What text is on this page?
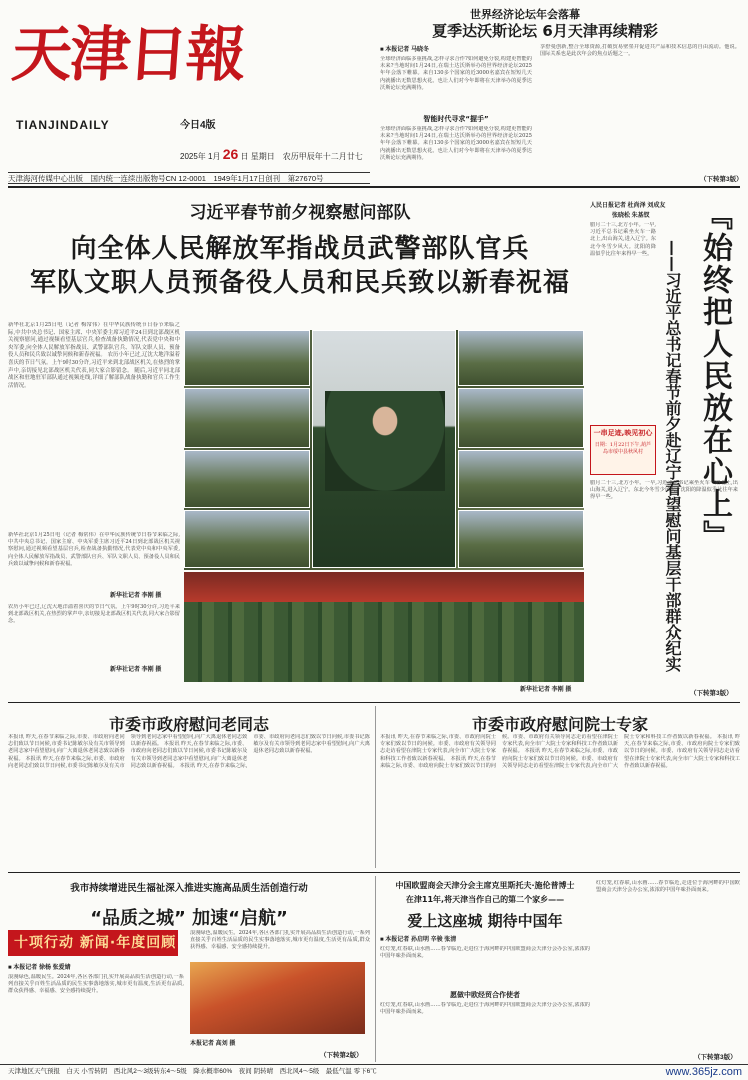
天津日報
TIANJINDAILY	今日4版
2025年 1月 26 日 星期日　农历甲辰年十二月廿七
天津海河传媒中心出版　国内统一连续出版物号CN 12-0001　1949年1月17日创刊　第27670号
世界经济论坛年会落幕
夏季达沃斯论坛 6月天津再续精彩
■ 本报记者 马晓冬
全球经济面临多重挑战,怎样寻求合作?如何避免分裂,构建更智能的未来?当地时间1月24日,在瑞士达沃斯举办的世界经济论坛2025年年会落下帷幕。来自130多个国家的近3000名嘉宾在短短几天内就播出无数思想火花。也让人们对今年即将在天津举办的夏季达沃斯论坛充满期待。
智能时代寻求“握手”
全球经济面临多重挑战,怎样寻求合作?如何避免分裂,构建更智能的未来?当地时间1月24日,在瑞士达沃斯举办的世界经济论坛2025年年会落下帷幕。来自130多个国家的近3000名嘉宾在短短几天内就播出无数思想火花。也让人们对今年即将在天津举办的夏季达沃斯论坛充满期待。
享舒曼创新,整合全球资源,打破贸易壁垒并促进共产品和技术信息的自由流动。他说。国际关系也是此次年会的焦点话题之一。
（下转第3版）
习近平春节前夕视察慰问部队
向全体人民解放军指战员武警部队官兵
军队文职人员预备役人员和民兵致以新春祝福
新华社北京1月25日电（记者 梅常伟）在中华民族传统节日春节来临之际,中共中央总书记、国家主席、中央军委主席习近平24日到北部战区机关视察慰问,通过视频看望基层官兵,检查战备执勤情况,代表党中央和中央军委,向全体人民解放军指战员、武警部队官兵、军队文职人员、预备役人员和民兵致以诚挚问候和新春祝福。 农历小年已过,辽沈大地洋溢着喜庆的节日气氛。上午9时30分许,习近平来到北部战区机关,在热烈的掌声中,亲切接见北部战区机关代表,同大家合影留念。 随后,习近平同北部战区和驻地驻军部队通过视频连线,详细了解部队战备执勤和官兵工作生活情况。
新华社北京1月25日电（记者 梅常伟）在中华民族传统节日春节来临之际,中共中央总书记、国家主席、中央军委主席习近平24日到北部战区机关视察慰问,通过视频看望基层官兵,检查战备执勤情况,代表党中央和中央军委,向全体人民解放军指战员、武警部队官兵、军队文职人员、预备役人员和民兵致以诚挚问候和新春祝福。
新华社记者 李刚 摄
农历小年已过,辽沈大地洋溢着喜庆的节日气氛。上午9时30分许,习近平来到北部战区机关,在热烈的掌声中,亲切接见北部战区机关代表,同大家合影留念。
新华社记者 李刚 摄
新华社记者 李刚 摄
人民日报记者 杜尚泽 刘成友
张晓松 朱基钗	『始终把人民放在心上』
——习近平总书记春节前夕赴辽宁看望慰问基层干部群众纪实
腊月二十三,北方小年。一早,习近平总书记乘坐火车一路北上,出山海关,进入辽宁。东北今冬雪少风大。沈阳的降温似乎比往年来得早一些。
一串足迹,映见初心
日期：1月22日下午,葫芦岛市绥中县秋风村
腊月二十三,北方小年。一早,习近平总书记乘坐火车一路北上,出山海关,进入辽宁。东北今冬雪少风大。沈阳的降温似乎比往年来得早一些。
（下转第3版）
市委市政府慰问老同志
本报讯 昨天,在春节来临之际,市委、市政府向老同志们致以节日问候,市委书记陈敏尔及有关市领导到老同志家中看望慰问,向广大离退休老同志致以新春祝福。 本报讯 昨天,在春节来临之际,市委、市政府向老同志们致以节日问候,市委书记陈敏尔及有关市领导到老同志家中看望慰问,向广大离退休老同志致以新春祝福。 本报讯 昨天,在春节来临之际,市委、市政府向老同志们致以节日问候,市委书记陈敏尔及有关市领导到老同志家中看望慰问,向广大离退休老同志致以新春祝福。 本报讯 昨天,在春节来临之际,市委、市政府向老同志们致以节日问候,市委书记陈敏尔及有关市领导到老同志家中看望慰问,向广大离退休老同志致以新春祝福。
市委市政府慰问院士专家
本报讯 昨天,在春节来临之际,市委、市政府向院士专家们致以节日的问候。市委、市政府有关领导同志走访看望在津院士专家代表,向全市广大院士专家和科技工作者致以新春祝福。 本报讯 昨天,在春节来临之际,市委、市政府向院士专家们致以节日的问候。市委、市政府有关领导同志走访看望在津院士专家代表,向全市广大院士专家和科技工作者致以新春祝福。 本报讯 昨天,在春节来临之际,市委、市政府向院士专家们致以节日的问候。市委、市政府有关领导同志走访看望在津院士专家代表,向全市广大院士专家和科技工作者致以新春祝福。 本报讯 昨天,在春节来临之际,市委、市政府向院士专家们致以节日的问候。市委、市政府有关领导同志走访看望在津院士专家代表,向全市广大院士专家和科技工作者致以新春祝福。
我市持续增进民生福祉深入推进实施高品质生活创造行动
“品质之城” 加速“启航”
十项行动 新闻·年度回顾
■ 本报记者 徐杨 张爱婧
浪漫绿色,温暖民生。2024年,各区各部门扎实开展高品质生活创造行动,一系列直接关乎百姓生活品质的民生实事落地落实,城市更有温度,生活更有品质,群众获得感、幸福感、安全感持续提升。
浪漫绿色,温暖民生。2024年,各区各部门扎实开展高品质生活创造行动,一系列直接关乎百姓生活品质的民生实事落地落实,城市更有温度,生活更有品质,群众获得感、幸福感、安全感持续提升。
本报记者 高刘 摄
（下转第2版）
中国欧盟商会天津分会主席克里斯托夫·施伦普博士
在津11年,将天津当作自己的第二个家乡——
爱上这座城 期待中国年
■ 本报记者 孙启明 辛骏 张清
红灯笼,红春联,山水画……春节临近,走进位于海河畔的中国欧盟商会天津分会办公室,浓浓的中国年味扑面而来。
愿做中欧经贸合作使者
红灯笼,红春联,山水画……春节临近,走进位于海河畔的中国欧盟商会天津分会办公室,浓浓的中国年味扑面而来。
红灯笼,红春联,山水画……春节临近,走进位于海河畔的中国欧盟商会天津分会办公室,浓浓的中国年味扑面而来。
（下转第3版）
天津地区天气预报　白天 小雪转阴　西北风2～3级转东4～5级　降水概率60%　夜间 阴转晴　西北风4～5级　最低气温 零下6℃	www.365jz.com
